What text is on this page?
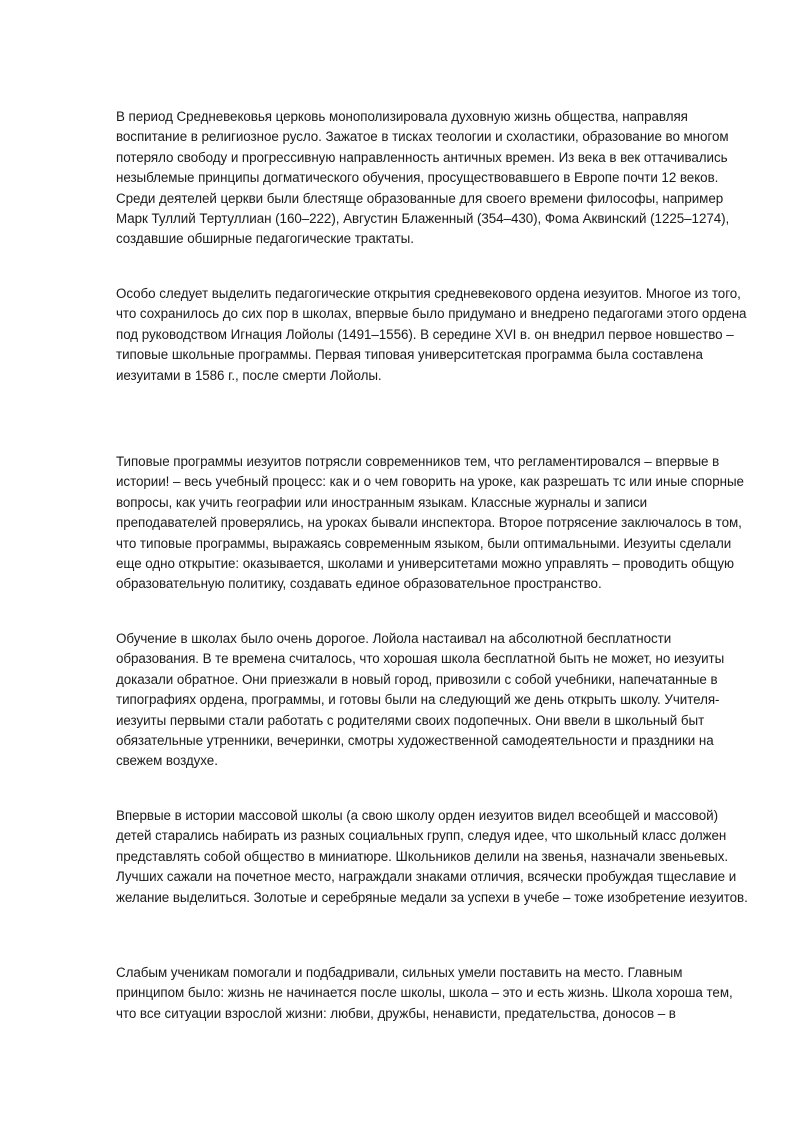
В период Средневековья церковь монополизировала духовную жизнь общества, направляя воспитание в религиозное русло. Зажатое в тисках теологии и схоластики, образование во многом потеряло свободу и прогрессивную направленность античных времен. Из века в век оттачивались незыблемые принципы догматического обучения, просуществовавшего в Европе почти 12 веков. Среди деятелей церкви были блестяще образованные для своего времени философы, например Марк Туллий Тертуллиан (160–222), Августин Блаженный (354–430), Фома Аквинский (1225–1274), создавшие обширные педагогические трактаты.

Особо следует выделить педагогические открытия средневекового ордена иезуитов. Многое из того, что сохранилось до сих пор в школах, впервые было придумано и внедрено педагогами этого ордена под руководством Игнация Лойолы (1491–1556). В середине XVI в. он внедрил первое новшество – типовые школьные программы. Первая типовая университетская программа была составлена иезуитами в 1586 г., после смерти Лойолы.

Типовые программы иезуитов потрясли современников тем, что регламентировался – впервые в истории! – весь учебный процесс: как и о чем говорить на уроке, как разрешать тс или иные спорные вопросы, как учить географии или иностранным языкам. Классные журналы и записи преподавателей проверялись, на уроках бывали инспектора. Второе потрясение заключалось в том, что типовые программы, выражаясь современным языком, были оптимальными. Иезуиты сделали еще одно открытие: оказывается, школами и университетами можно управлять – проводить общую образовательную политику, создавать единое образовательное пространство.

Обучение в школах было очень дорогое. Лойола настаивал на абсолютной бесплатности образования. В те времена считалось, что хорошая школа бесплатной быть не может, но иезуиты доказали обратное. Они приезжали в новый город, привозили с собой учебники, напечатанные в типографиях ордена, программы, и готовы были на следующий же день открыть школу. Учителя-иезуиты первыми стали работать с родителями своих подопечных. Они ввели в школьный быт обязательные утренники, вечеринки, смотры художественной самодеятельности и праздники на свежем воздухе.

Впервые в истории массовой школы (а свою школу орден иезуитов видел всеобщей и массовой) детей старались набирать из разных социальных групп, следуя идее, что школьный класс должен представлять собой общество в миниатюре. Школьников делили на звенья, назначали звеньевых. Лучших сажали на почетное место, награждали знаками отличия, всячески пробуждая тщеславие и желание выделиться. Золотые и серебряные медали за успехи в учебе – тоже изобретение иезуитов.

Слабым ученикам помогали и подбадривали, сильных умели поставить на место. Главным принципом было: жизнь не начинается после школы, школа – это и есть жизнь. Школа хороша тем, что все ситуации взрослой жизни: любви, дружбы, ненависти, предательства, доносов – в
